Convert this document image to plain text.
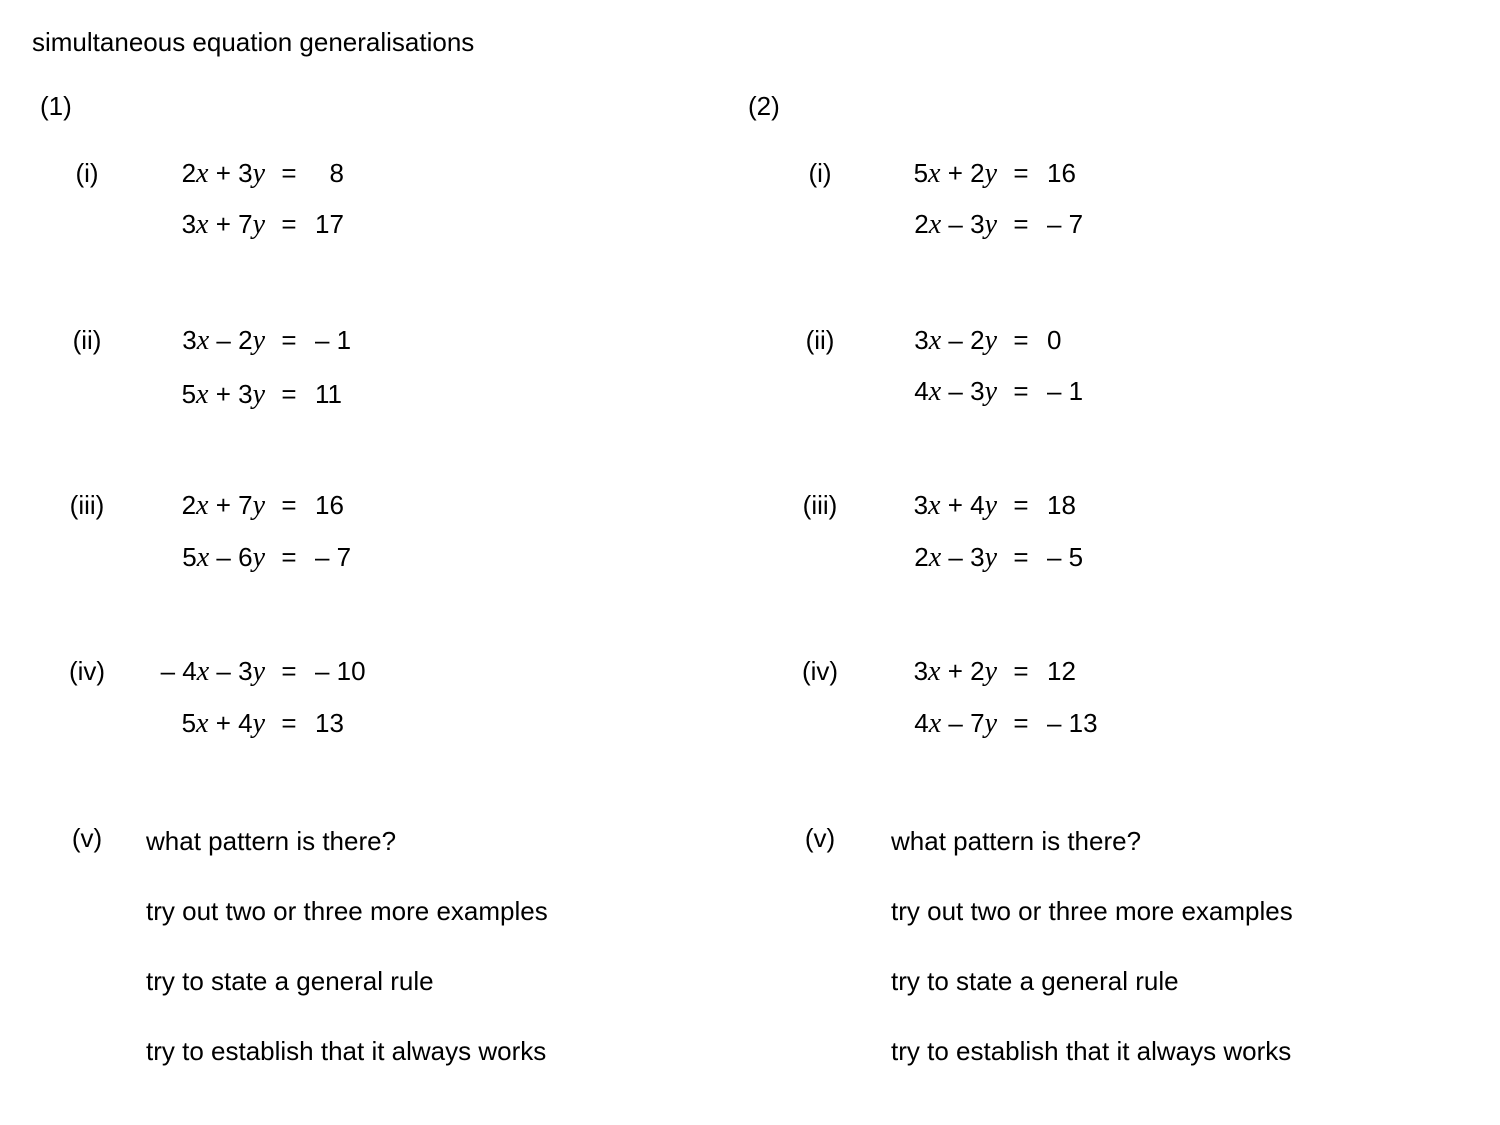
simultaneous equation generalisations
(1)
(i)	2x + 3y = 8
3x + 7y = 17
(ii)	3x – 2y = – 1
5x + 3y = 11
(iii)	2x + 7y = 16
5x – 6y = – 7
(iv)	– 4x – 3y = – 10
5x + 4y = 13
(v)	what pattern is there?
try out two or three more examples
try to state a general rule
try to establish that it always works
(2)
(i)	5x + 2y = 16
2x – 3y = – 7
(ii)	3x – 2y = 0
4x – 3y = – 1
(iii)	3x + 4y = 18
2x – 3y = – 5
(iv)	3x + 2y = 12
4x – 7y = – 13
(v)	what pattern is there?
try out two or three more examples
try to state a general rule
try to establish that it always works
